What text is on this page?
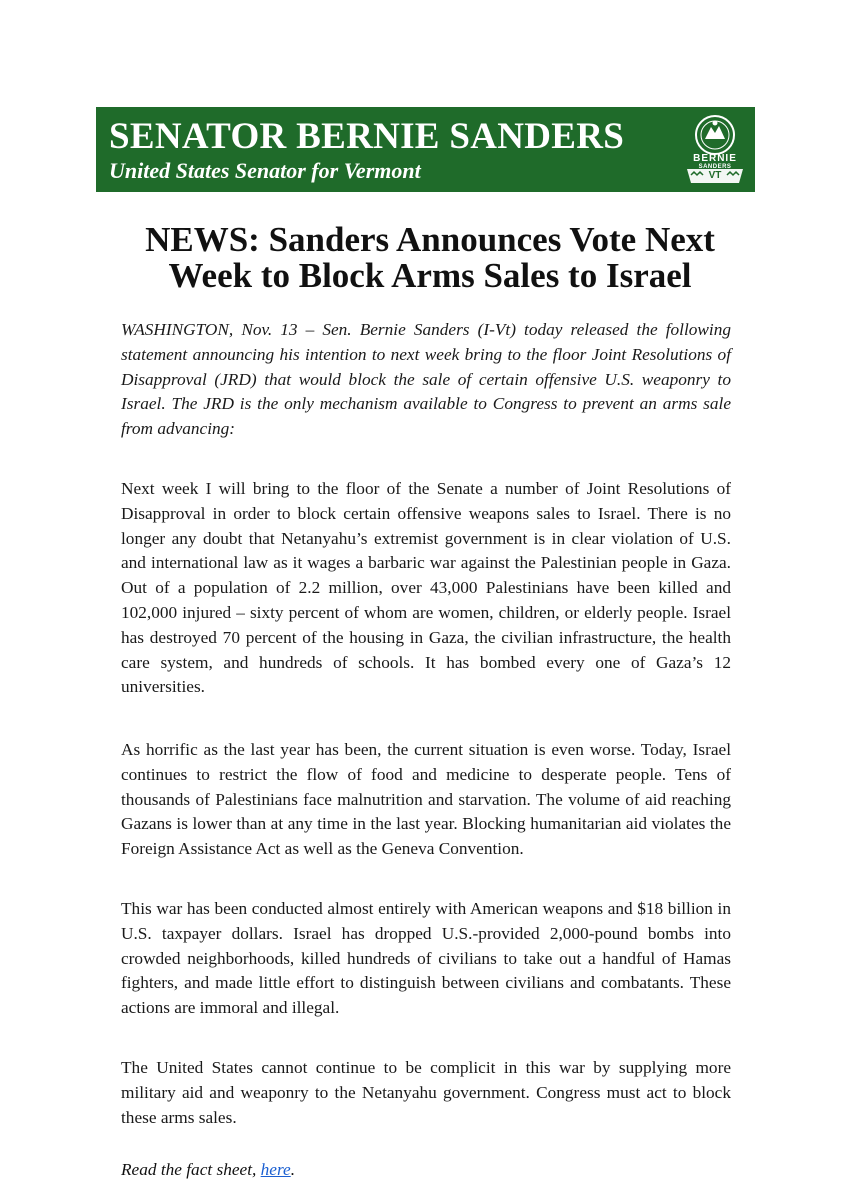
SENATOR BERNIE SANDERS
United States Senator for Vermont	BERNIE
SANDERS
VT
NEWS: Sanders Announces Vote Next Week to Block Arms Sales to Israel

WASHINGTON, Nov. 13 – Sen. Bernie Sanders (I-Vt) today released the following statement announcing his intention to next week bring to the floor Joint Resolutions of Disapproval (JRD) that would block the sale of certain offensive U.S. weaponry to Israel. The JRD is the only mechanism available to Congress to prevent an arms sale from advancing:

Next week I will bring to the floor of the Senate a number of Joint Resolutions of Disapproval in order to block certain offensive weapons sales to Israel. There is no longer any doubt that Netanyahu’s extremist government is in clear violation of U.S. and international law as it wages a barbaric war against the Palestinian people in Gaza. Out of a population of 2.2 million, over 43,000 Palestinians have been killed and 102,000 injured – sixty percent of whom are women, children, or elderly people. Israel has destroyed 70 percent of the housing in Gaza, the civilian infrastructure, the health care system, and hundreds of schools. It has bombed every one of Gaza’s 12 universities.

As horrific as the last year has been, the current situation is even worse. Today, Israel continues to restrict the flow of food and medicine to desperate people. Tens of thousands of Palestinians face malnutrition and starvation. The volume of aid reaching Gazans is lower than at any time in the last year. Blocking humanitarian aid violates the Foreign Assistance Act as well as the Geneva Convention.

This war has been conducted almost entirely with American weapons and $18 billion in U.S. taxpayer dollars. Israel has dropped U.S.-provided 2,000-pound bombs into crowded neighborhoods, killed hundreds of civilians to take out a handful of Hamas fighters, and made little effort to distinguish between civilians and combatants. These actions are immoral and illegal.

The United States cannot continue to be complicit in this war by supplying more military aid and weaponry to the Netanyahu government. Congress must act to block these arms sales.

Read the fact sheet, here.
